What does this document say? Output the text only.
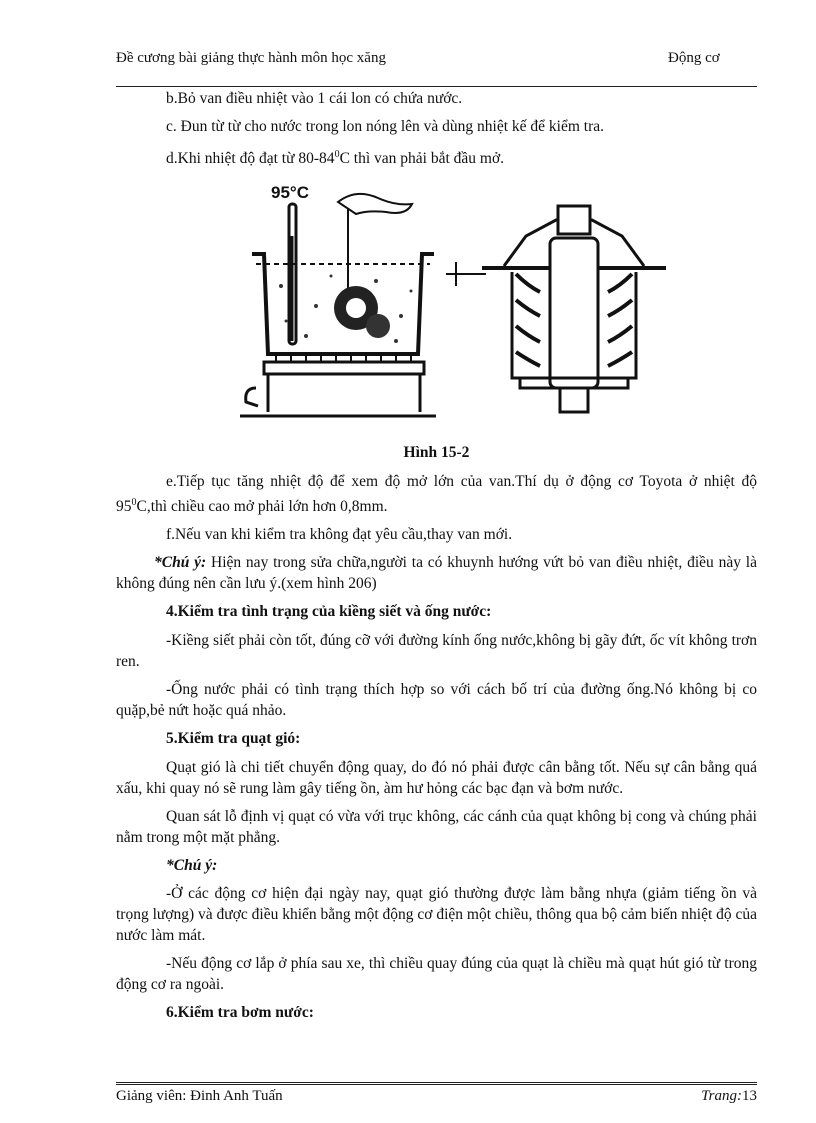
Đề cương bài giảng thực hành môn học xăng	Động cơ

b.Bỏ van điều nhiệt vào 1 cái lon có chứa nước.

c. Đun từ từ cho nước trong lon nóng lên và dùng nhiệt kế để kiểm tra.

d.Khi nhiệt độ đạt từ $80-84^0C$ thì van phải bắt đầu mở.

95°C
Hình 15-2

e.Tiếp tục tăng nhiệt độ để xem độ mở lớn của van.Thí dụ ở động cơ Toyota ở nhiệt độ $95^0C,thì$ chiều cao mở phải lớn hơn 0,8mm.

f.Nếu van khi kiểm tra không đạt yêu cầu,thay van mới.

*Chú ý: Hiện nay trong sửa chữa,người ta có khuynh hướng vứt bỏ van điều nhiệt, điều này là không đúng nên cần lưu ý.(xem hình 206)

4.Kiểm tra tình trạng của kiềng siết và ống nước:

-Kiềng siết phải còn tốt, đúng cỡ với đường kính ống nước,không bị gãy đứt, ốc vít không trơn ren.

-Ống nước phải có tình trạng thích hợp so với cách bố trí của đường ống.Nó không bị co quặp,bẻ nứt hoặc quá nhảo.

5.Kiểm tra quạt gió:

Quạt gió là chi tiết chuyển động quay, do đó nó phải được cân bằng tốt. Nếu sự cân bằng quá xấu, khi quay nó sẽ rung làm gây tiếng ồn, àm hư hỏng các bạc đạn và bơm nước.

Quan sát lỗ định vị quạt có vừa với trục không, các cánh của quạt không bị cong và chúng phải nằm trong một mặt phẳng.

*Chú ý:

-Ở các động cơ hiện đại ngày nay, quạt gió thường được làm bằng nhựa (giảm tiếng ồn và trọng lượng) và được điều khiển bằng một động cơ điện một chiều, thông qua bộ cảm biến nhiệt độ của nước làm mát.

-Nếu động cơ lắp ở phía sau xe, thì chiều quay đúng của quạt là chiều mà quạt hút gió từ trong động cơ ra ngoài.

6.Kiểm tra bơm nước:

Giảng viên: Đinh Anh Tuấn	Trang:13
